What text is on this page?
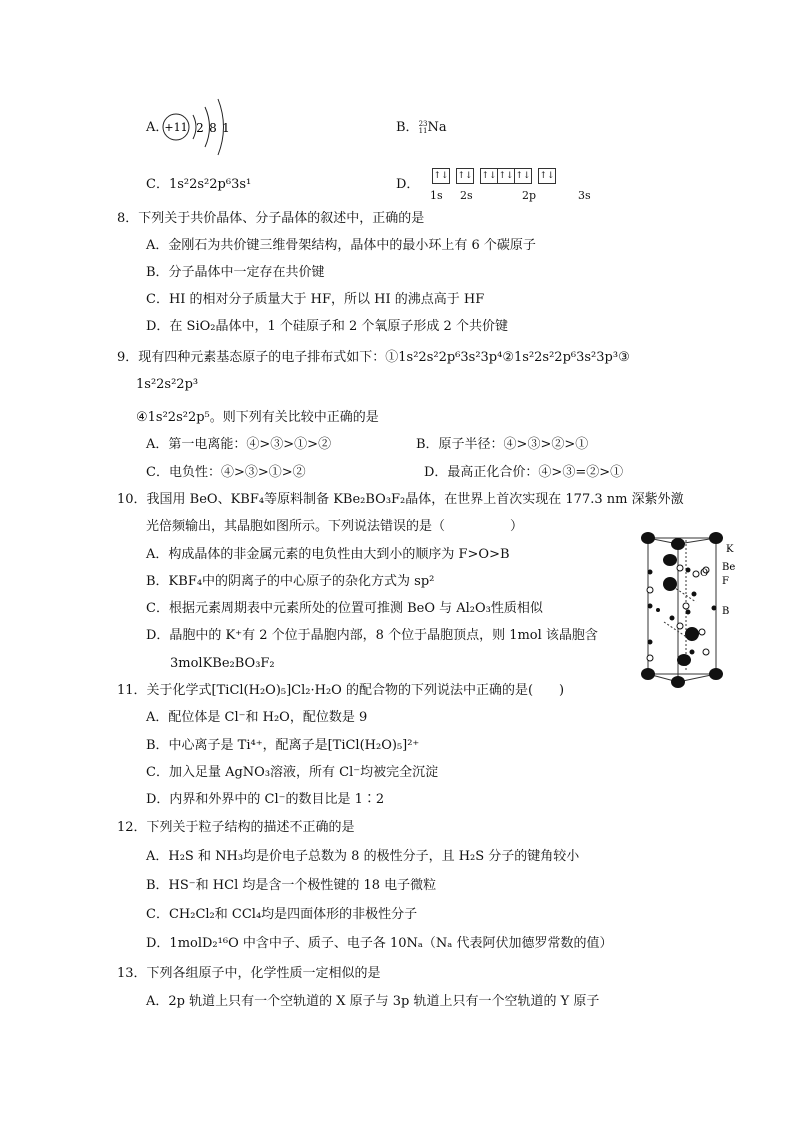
A．
+11 2 8 1	B．23
11Na
C．1s²2s²2p⁶3s¹	D．
↑↓ ↑↓ ↑↓ ↑↓ ↑↓ ↑↓
1s 2s	2p	3s
8．下列关于共价晶体、分子晶体的叙述中，正确的是
A．金刚石为共价键三维骨架结构，晶体中的最小环上有 6 个碳原子
B．分子晶体中一定存在共价键
C．HI 的相对分子质量大于 HF，所以 HI 的沸点高于 HF
D．在 SiO₂晶体中，1 个硅原子和 2 个氧原子形成 2 个共价键
9．现有四种元素基态原子的电子排布式如下：①1s²2s²2p⁶3s²3p⁴②1s²2s²2p⁶3s²3p³③
1s²2s²2p³
④1s²2s²2p⁵。则下列有关比较中正确的是
A．第一电离能：④>③>①>②	B．原子半径：④>③>②>①
C．电负性：④>③>①>②	D．最高正化合价：④>③=②>①
10．我国用 BeO、KBF₄等原料制备 KBe₂BO₃F₂晶体，在世界上首次实现在 177.3 nm 深紫外激
光倍频输出，其晶胞如图所示。下列说法错误的是（　　　　　）
A．构成晶体的非金属元素的电负性由大到小的顺序为 F>O>B
B．KBF₄中的阴离子的中心原子的杂化方式为 sp²
C．根据元素周期表中元素所处的位置可推测 BeO 与 Al₂O₃性质相似
D．晶胞中的 K⁺有 2 个位于晶胞内部，8 个位于晶胞顶点，则 1mol 该晶胞含
3molKBe₂BO₃F₂
K
Be
O
F
B
11．关于化学式[TiCl(H₂O)₅]Cl₂·H₂O 的配合物的下列说法中正确的是(　　)
A．配位体是 Cl⁻和 H₂O，配位数是 9
B．中心离子是 Ti⁴⁺，配离子是[TiCl(H₂O)₅]²⁺
C．加入足量 AgNO₃溶液，所有 Cl⁻均被完全沉淀
D．内界和外界中的 Cl⁻的数目比是 1∶2
12．下列关于粒子结构的描述不正确的是
A．H₂S 和 NH₃均是价电子总数为 8 的极性分子，且 H₂S 分子的键角较小
B．HS⁻和 HCl 均是含一个极性键的 18 电子微粒
C．CH₂Cl₂和 CCl₄均是四面体形的非极性分子
D．1molD₂¹⁶O 中含中子、质子、电子各 10Nₐ（Nₐ 代表阿伏加德罗常数的值）
13．下列各组原子中，化学性质一定相似的是
A．2p 轨道上只有一个空轨道的 X 原子与 3p 轨道上只有一个空轨道的 Y 原子
